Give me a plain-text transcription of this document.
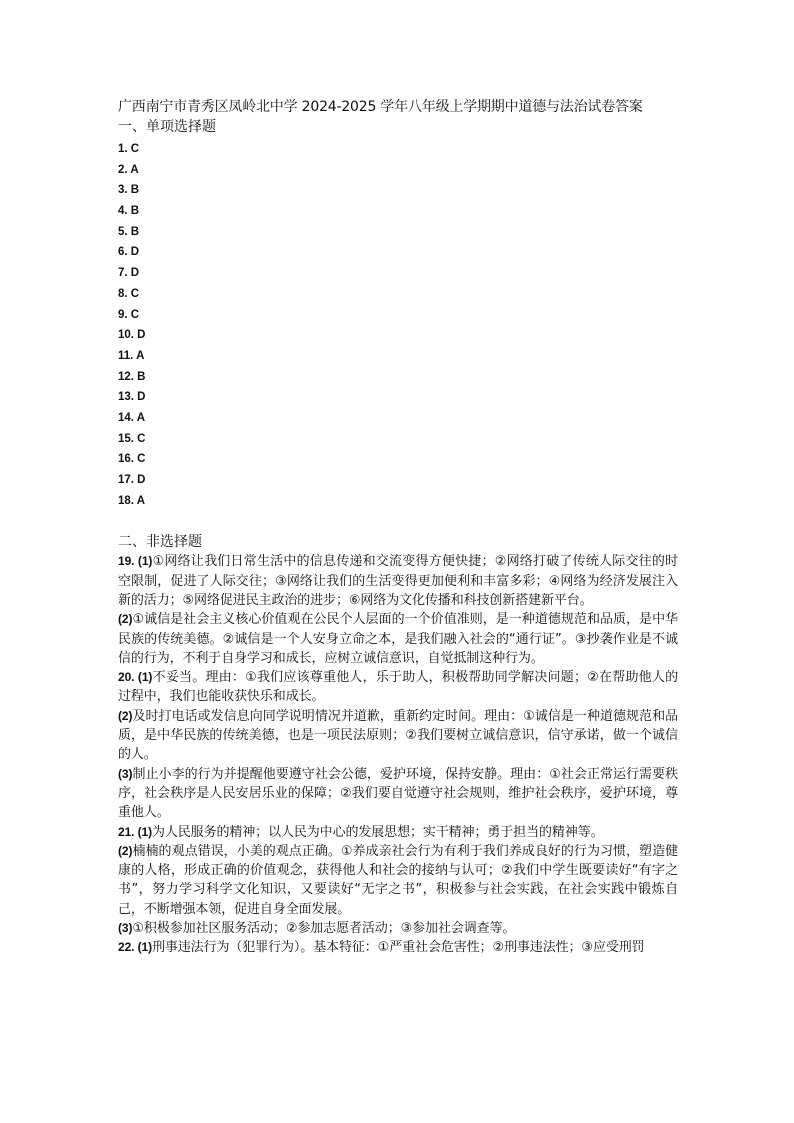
广西南宁市青秀区凤岭北中学 2024-2025 学年八年级上学期期中道德与法治试卷答案
一、单项选择题
1. C
2. A
3. B
4. B
5. B
6. D
7. D
8. C
9. C
10. D
11. A
12. B
13. D
14. A
15. C
16. C
17. D
18. A
二、非选择题

19. (1)①网络让我们日常生活中的信息传递和交流变得方便快捷；②网络打破了传统人际交往的时空限制，促进了人际交往；③网络让我们的生活变得更加便利和丰富多彩；④网络为经济发展注入新的活力；⑤网络促进民主政治的进步；⑥网络为文化传播和科技创新搭建新平台。

(2)①诚信是社会主义核心价值观在公民个人层面的一个价值准则，是一种道德规范和品质，是中华民族的传统美德。②诚信是一个人安身立命之本，是我们融入社会的“通行证”。③抄袭作业是不诚信的行为，不利于自身学习和成长，应树立诚信意识，自觉抵制这种行为。

20. (1)不妥当。理由：①我们应该尊重他人，乐于助人，积极帮助同学解决问题；②在帮助他人的过程中，我们也能收获快乐和成长。

(2)及时打电话或发信息向同学说明情况并道歉，重新约定时间。理由：①诚信是一种道德规范和品质，是中华民族的传统美德，也是一项民法原则；②我们要树立诚信意识，信守承诺，做一个诚信的人。

(3)制止小李的行为并提醒他要遵守社会公德，爱护环境，保持安静。理由：①社会正常运行需要秩序，社会秩序是人民安居乐业的保障；②我们要自觉遵守社会规则，维护社会秩序，爱护环境，尊重他人。

21. (1)为人民服务的精神；以人民为中心的发展思想；实干精神；勇于担当的精神等。

(2)楠楠的观点错误，小美的观点正确。①养成亲社会行为有利于我们养成良好的行为习惯，塑造健康的人格，形成正确的价值观念，获得他人和社会的接纳与认可；②我们中学生既要读好“有字之书”，努力学习科学文化知识，又要读好“无字之书”，积极参与社会实践，在社会实践中锻炼自己，不断增强本领，促进自身全面发展。

(3)①积极参加社区服务活动；②参加志愿者活动；③参加社会调查等。

22. (1)刑事违法行为（犯罪行为）。基本特征：①严重社会危害性；②刑事违法性；③应受刑罚
